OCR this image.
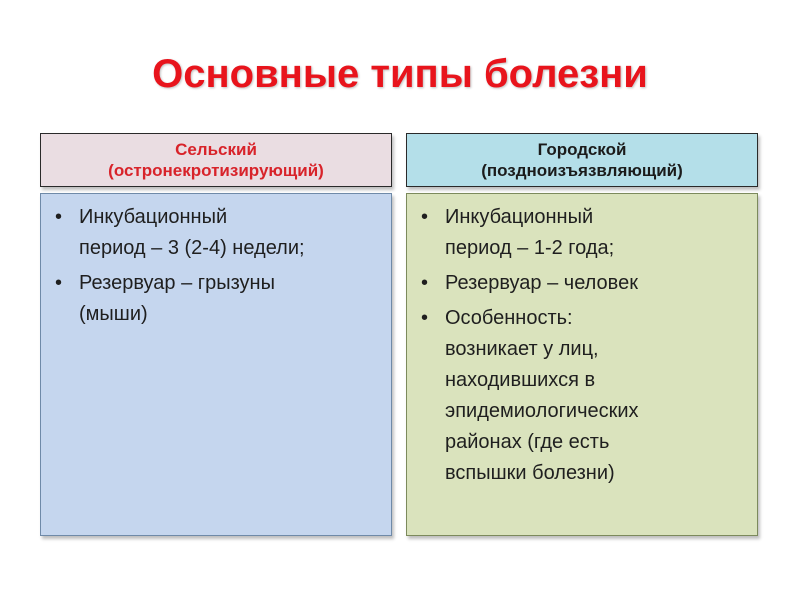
Основные типы болезни
Сельский
(остронекротизирующий)
• Инкубационный
период – 3 (2-4) недели;
• Резервуар – грызуны
(мыши)
Городской
(поздноизъязвляющий)
• Инкубационный
период – 1-2 года;
• Резервуар – человек
• Особенность:
возникает у лиц,
находившихся в
эпидемиологических
районах (где есть
вспышки болезни)
